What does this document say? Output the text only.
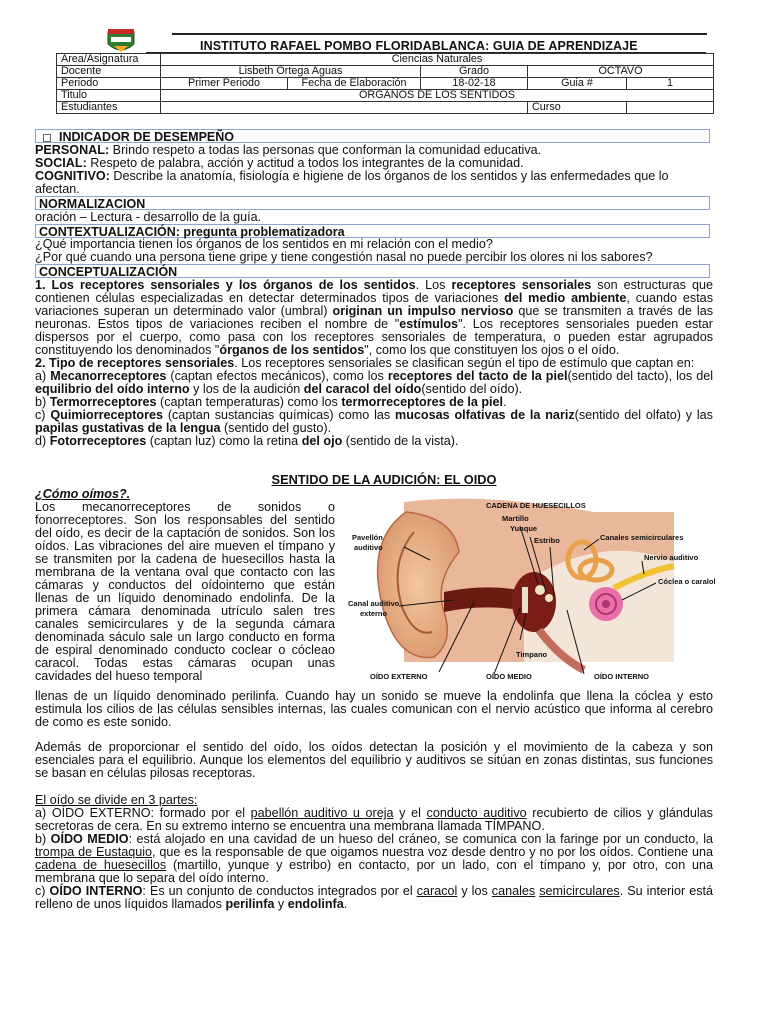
INSTITUTO RAFAEL POMBO FLORIDABLANCA: GUIA DE APRENDIZAJE
Area/Asignatura	Ciencias Naturales				
Docente	Lisbeth Ortega Aguas		Grado	OCTAVO	
Periodo	Primer Periodo	Fecha de Elaboración	18-02-18	Guia #	1
Titulo	ORGANOS DE LOS SENTIDOS				
Estudiantes				Curso	
INDICADOR DE DESEMPEÑO

PERSONAL: Brindo respeto a todas las personas que conforman la comunidad educativa.

SOCIAL: Respeto de palabra, acción y actitud a todos los integrantes de la comunidad.

COGNITIVO: Describe la anatomía, fisiología e higiene de los órganos de los sentidos y las enfermedades que lo afectan.

NORMALIZACION
oración – Lectura - desarrollo de la guía.
CONTEXTUALIZACIÓN: pregunta problematizadora

¿Qué importancia tienen los órganos de los sentidos en mi relación con el medio?

¿Por qué cuando una persona tiene gripe y tiene congestión nasal no puede percibir los olores ni los sabores?

CONCEPTUALIZACIÓN

1. Los receptores sensoriales y los órganos de los sentidos. Los receptores sensoriales son estructuras que contienen células especializadas en detectar determinados tipos de variaciones del medio ambiente, cuando estas variaciones superan un determinado valor (umbral) originan un impulso nervioso que se transmiten a través de las neuronas. Estos tipos de variaciones reciben el nombre de "estímulos". Los receptores sensoriales pueden estar dispersos por el cuerpo, como pasa con los receptores sensoriales de temperatura, o pueden estar agrupados constituyendo los denominados "órganos de los sentidos", como los que constituyen los ojos o el oído.

2. Tipo de receptores sensoriales. Los receptores sensoriales se clasifican según el tipo de estímulo que captan en:

a) Mecanorreceptores (captan efectos mecánicos), como los receptores del tacto de la piel(sentido del tacto), los del equilibrio del oído interno y los de la audición del caracol del oído(sentido del oído).

b) Termorreceptores (captan temperaturas) como los termorreceptores de la piel.

c) Quimiorreceptores (captan sustancias químicas) como las mucosas olfativas de la nariz(sentido del olfato) y las papilas gustativas de la lengua (sentido del gusto).

d) Fotorreceptores (captan luz) como la retina del ojo (sentido de la vista).

SENTIDO DE LA AUDICIÓN: EL OIDO

¿Cómo oímos?.

Los mecanorreceptores de sonidos o fonorreceptores. Son los responsables del sentido del oído, es decir de la captación de sonidos. Son los oídos. Las vibraciones del aire mueven el tímpano y se transmiten por la cadena de huesecillos hasta la membrana de la ventana oval que contacto con las cámaras y conductos del oídointerno que están llenas de un líquido denominado endolinfa. De la primera cámara denominada utrículo salen tres canales semicirculares y de la segunda cámara denominada sáculo sale un largo conducto en forma de espiral denominado conducto coclear o cócleao caracol. Todas estas cámaras ocupan unas cavidades del hueso temporal

CADENA DE HUESECILLOS
Martillo
Yunque
Estribo
Pavellón
auditivo
Canales semicirculares
Nervio auditivo
Cóclea o caralol
Canal auditivo
externo
Timpano
OÍDO EXTERNO	OÍDO MEDIO	OÍDO INTERNO
llenas de un líquido denominado perilinfa. Cuando hay un sonido se mueve la endolinfa que llena la cóclea y esto estimula los cilios de las células sensibles internas, las cuales comunican con el nervio acústico que informa al cerebro de como es este sonido.
Además de proporcionar el sentido del oído, los oídos detectan la posición y el movimiento de la cabeza y son esenciales para el equilibrio. Aunque los elementos del equilibrio y auditivos se sitúan en zonas distintas, sus funciones se basan en células pilosas receptoras.

El oído se divide en 3 partes:

a) OÍDO EXTERNO: formado por el pabellón auditivo u oreja y el conducto auditivo recubierto de cilios y glándulas secretoras de cera. En su extremo interno se encuentra una membrana llamada TÍMPANO.

b) OÍDO MEDIO: está alojado en una cavidad de un hueso del cráneo, se comunica con la faringe por un conducto, la trompa de Eustaquio, que es la responsable de que oigamos nuestra voz desde dentro y no por los oídos. Contiene una cadena de huesecillos (martillo, yunque y estribo) en contacto, por un lado, con el tímpano y, por otro, con una membrana que lo separa del oído interno.

c) OÍDO INTERNO: Es un conjunto de conductos integrados por el caracol y los canales semicirculares. Su interior está relleno de unos líquidos llamados perilinfa y endolinfa.
